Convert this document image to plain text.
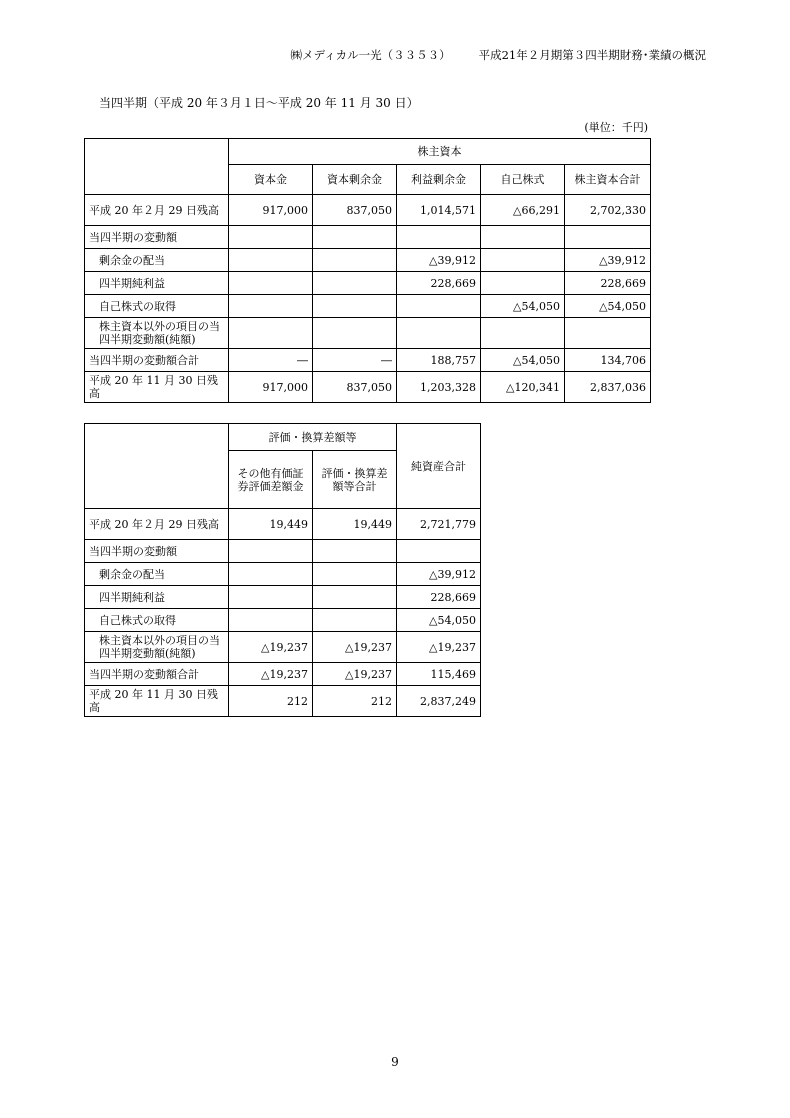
㈱メディカル一光（３３５３） 平成21年２月期第３四半期財務･業績の概況
当四半期（平成 20 年３月１日～平成 20 年 11 月 30 日）
(単位：千円)
	株主資本				
	資本金	資本剰余金	利益剰余金	自己株式	株主資本合計
平成 20 年２月 29 日残高	917,000	837,050	1,014,571	△66,291	2,702,330
当四半期の変動額					
剰余金の配当			△39,912		△39,912
四半期純利益			228,669		228,669
自己株式の取得				△54,050	△54,050
株主資本以外の項目の当四半期変動額(純額)					
当四半期の変動額合計	―	―	188,757	△54,050	134,706
平成 20 年 11 月 30 日残高	917,000	837,050	1,203,328	△120,341	2,837,036
	評価・換算差額等		純資産合計
	その他有価証券評価差額金	評価・換算差額等合計	
平成 20 年２月 29 日残高	19,449	19,449	2,721,779
当四半期の変動額			
剰余金の配当			△39,912
四半期純利益			228,669
自己株式の取得			△54,050
株主資本以外の項目の当四半期変動額(純額)	△19,237	△19,237	△19,237
当四半期の変動額合計	△19,237	△19,237	115,469
平成 20 年 11 月 30 日残高	212	212	2,837,249
9
